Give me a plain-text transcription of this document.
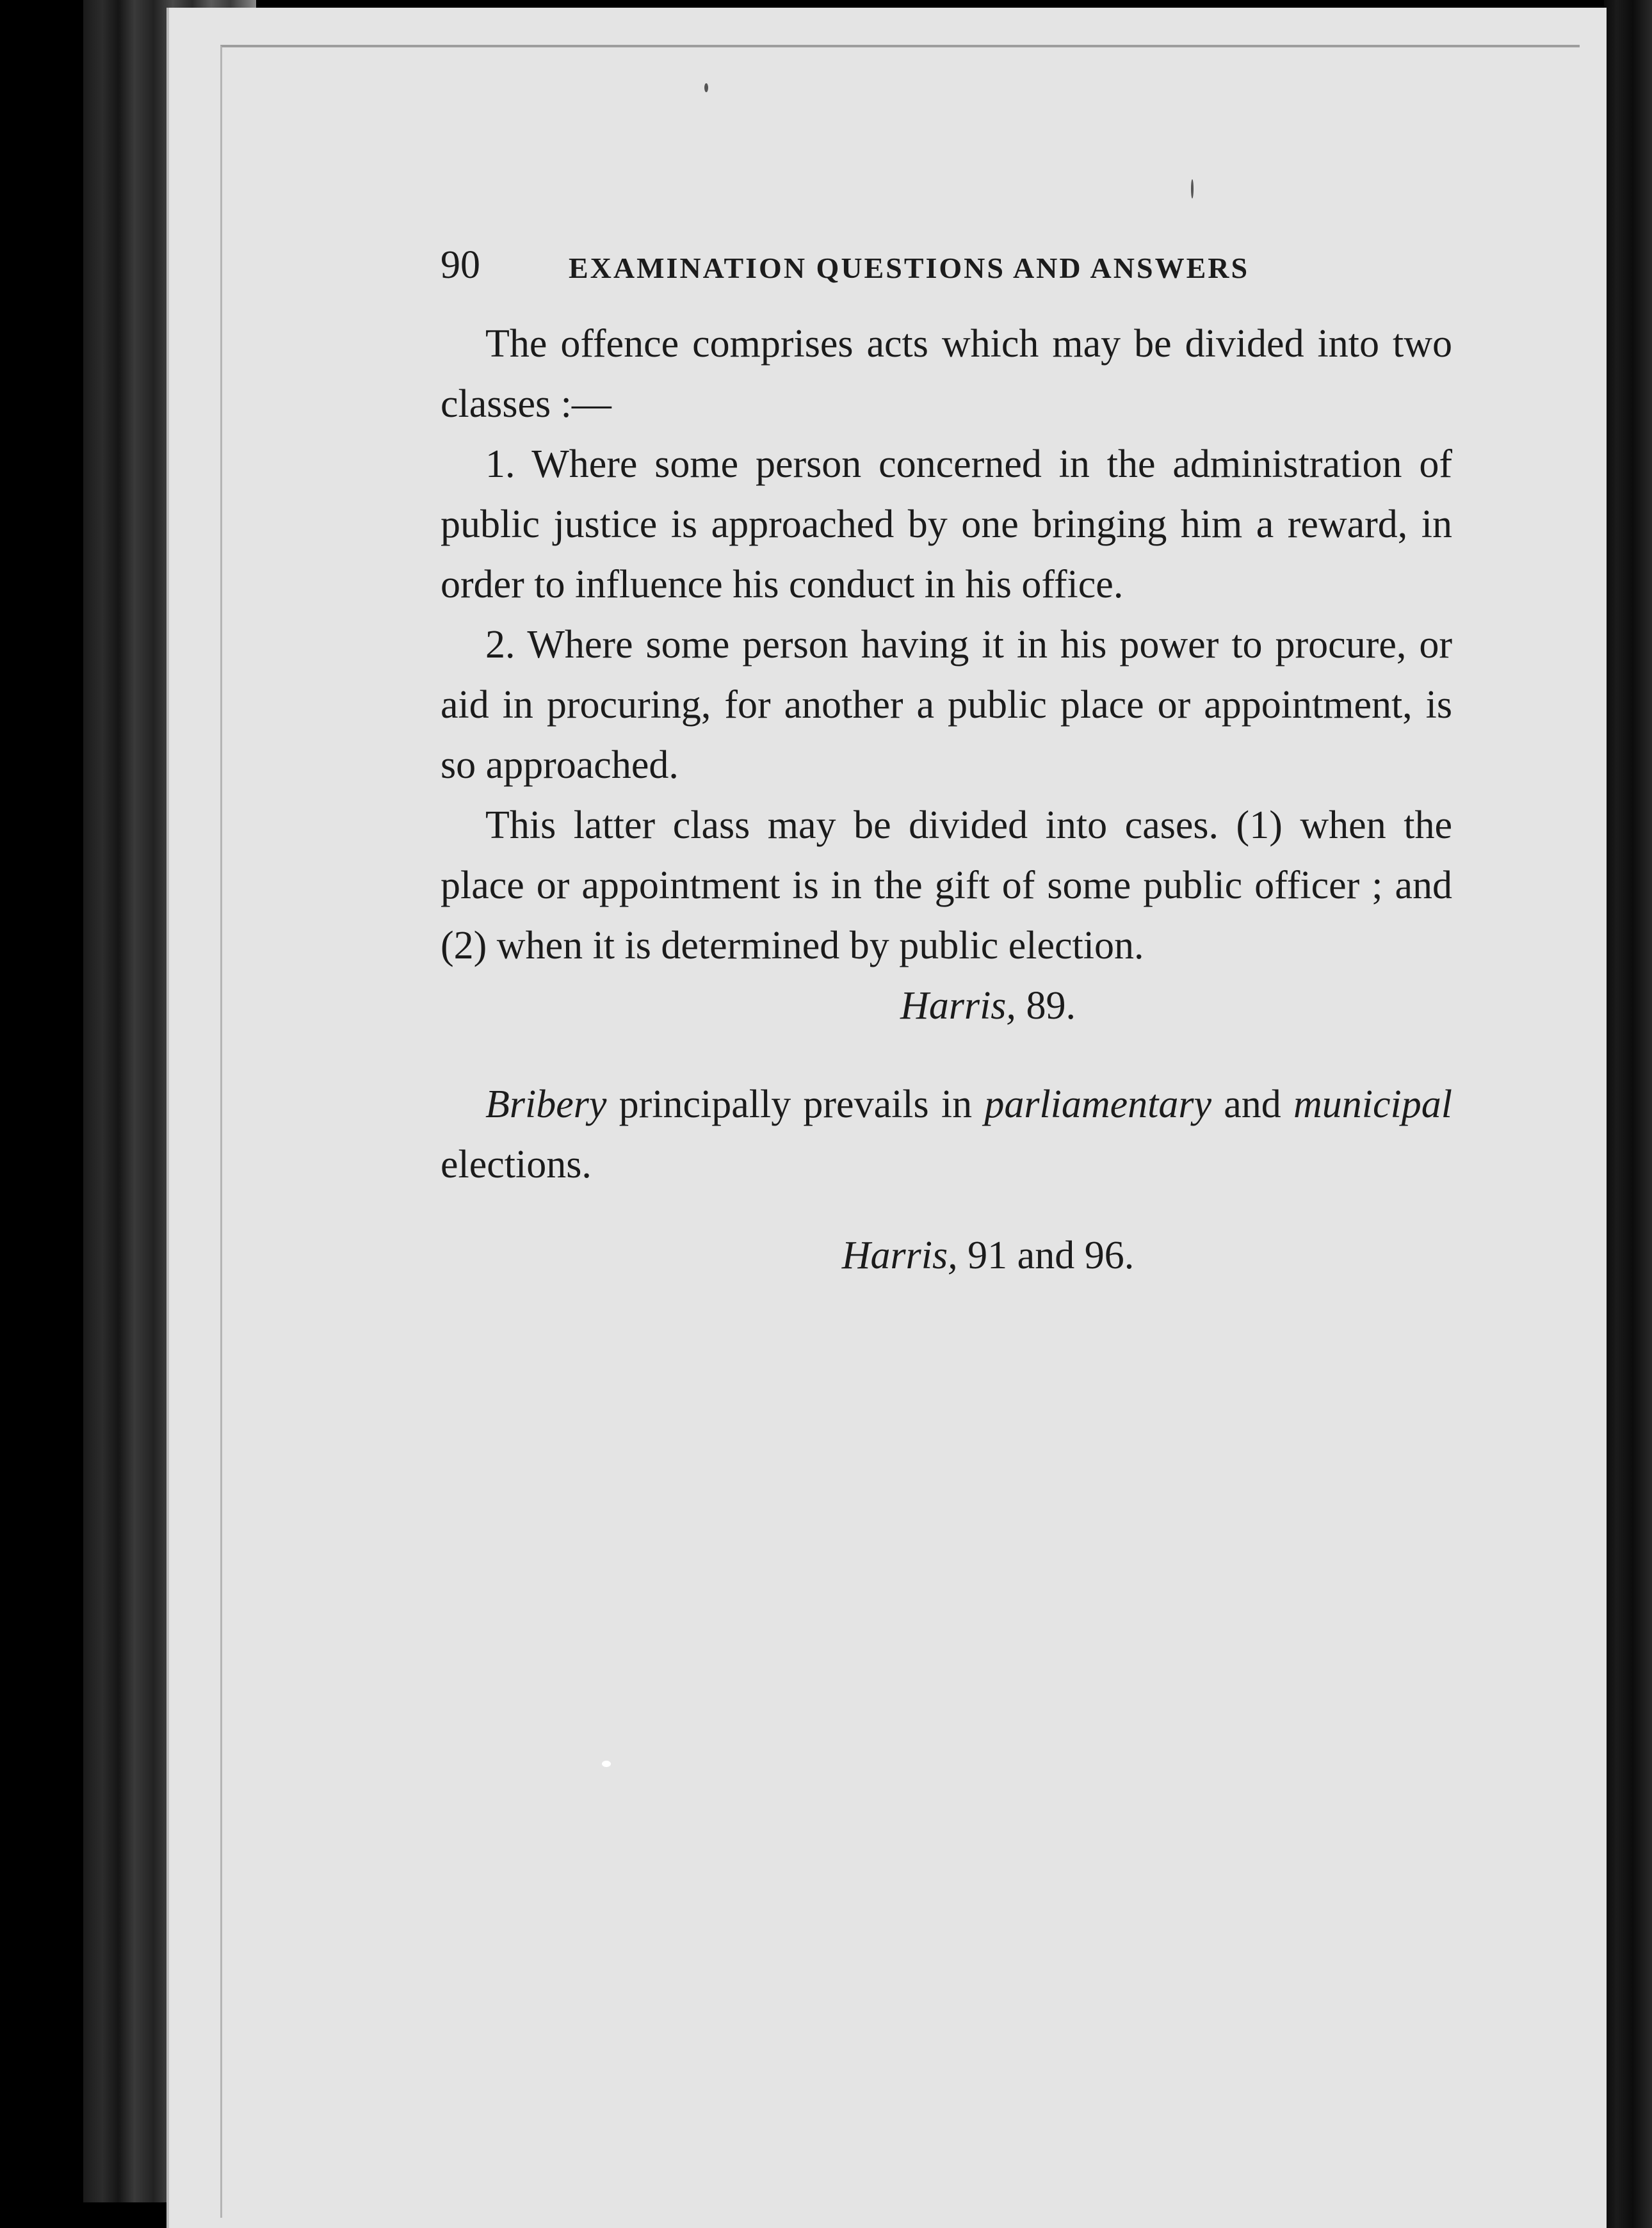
90	EXAMINATION QUESTIONS AND ANSWERS

The offence comprises acts which may be divided into two classes :—

1. Where some person concerned in the administration of public justice is approached by one bringing him a reward, in order to influence his conduct in his office.

2. Where some person having it in his power to procure, or aid in procuring, for another a public place or appointment, is so approached.

This latter class may be divided into cases. (1) when the place or appointment is in the gift of some public officer ; and (2) when it is determined by public election.

Harris, 89.

Bribery principally prevails in parliamentary and municipal elections.

Harris, 91 and 96.
